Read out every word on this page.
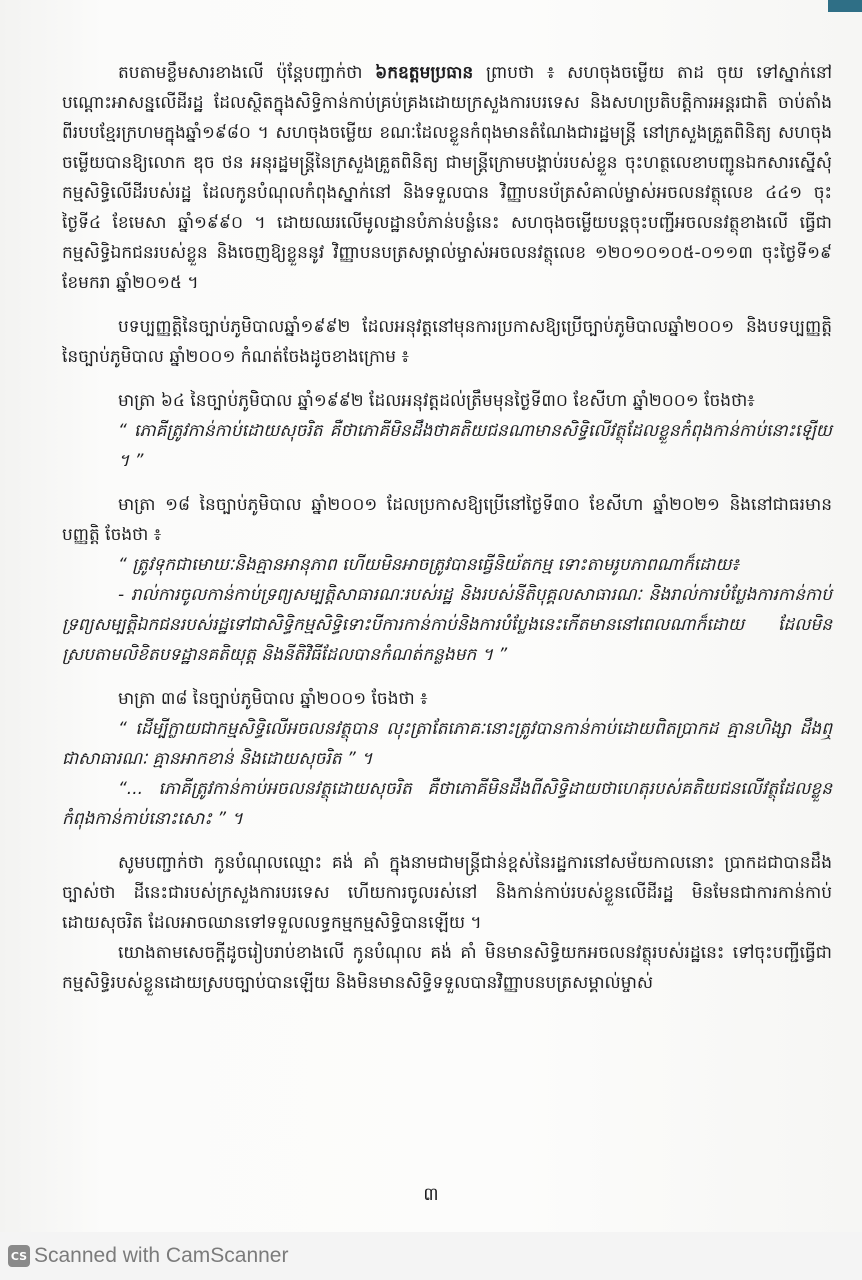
តបតាមខ្លឹមសារខាងលើ ប៉ុន្តែបញ្ជាក់ថា ៦កឧត្តមប្រធាន ព្រាបថា ៖ សហចុងចម្លើយ តាដ ចុយ ទៅស្នាក់នៅបណ្ដោះអាសន្នលើដីរដ្ឋ ដែលស្ថិតក្នុងសិទ្ធិកាន់កាប់គ្រប់គ្រងដោយក្រសួងការបរទេស និងសហប្រតិបត្តិការអន្តរជាតិ ចាប់តាំងពីរបបខ្មែរក្រហមក្នុងឆ្នាំ១៩៨០ ។ សហចុងចម្លើយ ខណៈដែលខ្លួនកំពុងមានតំណែងជារដ្ឋមន្ត្រី នៅក្រសួងគ្រួតពិនិត្យ សហចុងចម្លើយបានឱ្យលោក ឌុច ថន អនុរដ្ឋមន្ត្រីនៃក្រសួងគ្រួតពិនិត្យ ជាមន្ត្រីក្រោមបង្គាប់របស់ខ្លួន ចុះហត្ថលេខាបញ្ជូនឯកសារស្នើសុំកម្មសិទ្ធិលើដីរបស់រដ្ឋ ដែលកូនបំណុលកំពុងស្នាក់នៅ និងទទួលបាន វិញ្ញាបនប័ត្រសំគាល់ម្ចាស់អចលនវត្ថុលេខ ៤៤១ ចុះថ្ងៃទី៤ ខែមេសា ឆ្នាំ១៩៩០ ។ ដោយឈរលើមូលដ្ឋានបំភាន់បន្លំនេះ សហចុងចម្លើយបន្តចុះបញ្ជីអចលនវត្ថុខាងលើ ធ្វើជាកម្មសិទ្ធិឯកជនរបស់ខ្លួន និងចេញឱ្យខ្លួននូវ វិញ្ញាបនបត្រសម្គាល់ម្ចាស់អចលនវត្ថុលេខ ១២០១០១០៥-០១១៣ ចុះថ្ងៃទី១៩ ខែមករា ឆ្នាំ២០១៥ ។

បទប្បញ្ញត្តិនៃច្បាប់ភូមិបាលឆ្នាំ១៩៩២ ដែលអនុវត្តនៅមុនការប្រកាសឱ្យប្រើច្បាប់ភូមិបាលឆ្នាំ២០០១ និងបទប្បញ្ញត្តិនៃច្បាប់ភូមិបាល ឆ្នាំ២០០១ កំណត់ចែងដូចខាងក្រោម ៖

មាត្រា ៦៤ នៃច្បាប់ភូមិបាល ឆ្នាំ១៩៩២ ដែលអនុវត្តដល់ត្រឹមមុនថ្ងៃទី៣០ ខែសីហា ឆ្នាំ២០០១ ចែងថា៖

“ ភោគីត្រូវកាន់កាប់ដោយសុចរិត គឺថាភោគីមិនដឹងថាគតិយជនណាមានសិទ្ធិលើវត្ថុដែលខ្លួនកំពុងកាន់កាប់នោះឡើយ ។ ”

មាត្រា ១៨ នៃច្បាប់ភូមិបាល ឆ្នាំ២០០១ ដែលប្រកាសឱ្យប្រើនៅថ្ងៃទី៣០ ខែសីហា ឆ្នាំ២០២១ និងនៅជាធរមានបញ្ញត្តិ ចែងថា ៖

“ ត្រូវទុកជាមោឃៈនិងគ្មានអានុភាព ហើយមិនអាចត្រូវបានធ្វើនិយ័តកម្ម ទោះតាមរូបភាពណាក៏ដោយ៖

- រាល់ការចូលកាន់កាប់ទ្រព្យសម្បត្តិសាធារណៈរបស់រដ្ឋ និងរបស់នីតិបុគ្គលសាធារណៈ និងរាល់ការបំប្លែងការកាន់កាប់ទ្រព្យសម្បត្តិឯកជនរបស់រដ្ឋទៅជាសិទ្ធិកម្មសិទ្ធិទោះបីការកាន់កាប់និងការបំប្លែងនេះកើតមាននៅពេលណាក៏ដោយ ដែលមិនស្របតាមលិខិតបទដ្ឋានគតិយុត្ត និងនីតិវិធីដែលបានកំណត់កន្លងមក ។ ”

មាត្រា ៣៨ នៃច្បាប់ភូមិបាល ឆ្នាំ២០០១ ចែងថា ៖

“ ដើម្បីក្លាយជាកម្មសិទ្ធិលើអចលនវត្ថុបាន លុះត្រាតែភោគៈនោះត្រូវបានកាន់កាប់ដោយពិតប្រាកដ គ្មានហិង្សា ដឹងឮជាសាធារណៈ គ្មានអាកខាន់ និងដោយសុចរិត ” ។

“... ភោគីត្រូវកាន់កាប់អចលនវត្ថុដោយសុចរិត គឺថាភោគីមិនដឹងពីសិទ្ធិដាយថាហេតុរបស់គតិយជនលើវត្ថុដែលខ្លួនកំពុងកាន់កាប់នោះសោះ ” ។

សូមបញ្ជាក់ថា កូនបំណុលឈ្មោះ គង់ គាំ ក្នុងនាមជាមន្ត្រីជាន់ខ្ពស់នៃរដ្ឋការនៅសម័យកាលនោះ ប្រាកដជាបានដឹងច្បាស់ថា ដីនេះជារបស់ក្រសួងការបរទេស ហើយការចូលរស់នៅ និងកាន់កាប់របស់ខ្លួនលើដីរដ្ឋ មិនមែនជាការកាន់កាប់ដោយសុចរិត ដែលអាចឈានទៅទទួលលទ្ធកម្មកម្មសិទ្ធិបានឡើយ ។

យោងតាមសេចក្ដីដូចរៀបរាប់ខាងលើ កូនបំណុល គង់ គាំ មិនមានសិទ្ធិយកអចលនវត្ថុរបស់រដ្ឋនេះ ទៅចុះបញ្ជីធ្វើជាកម្មសិទ្ធិរបស់ខ្លួនដោយស្របច្បាប់បានឡើយ និងមិនមានសិទ្ធិទទួលបានវិញ្ញាបនបត្រសម្គាល់ម្ចាស់

៣
CS Scanned with CamScanner
